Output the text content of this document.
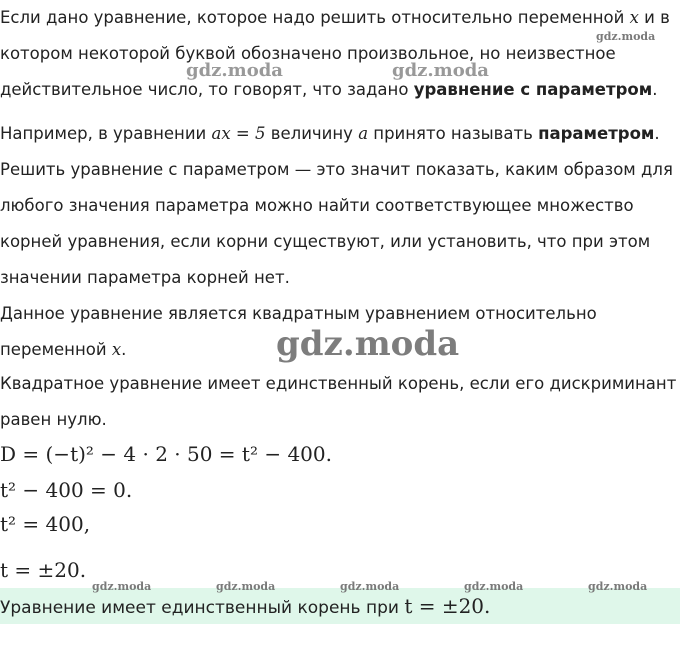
Если дано уравнение, которое надо решить относительно переменной x и в
котором некоторой буквой обозначено произвольное, но неизвестное
действительное число, то говорят, что задано уравнение с параметром.
Например, в уравнении ax = 5 величину a принято называть параметром.
Решить уравнение с параметром — это значит показать, каким образом для
любого значения параметра можно найти соответствующее множество
корней уравнения, если корни существуют, или установить, что при этом
значении параметра корней нет.
Данное уравнение является квадратным уравнением относительно
переменной x.
Квадратное уравнение имеет единственный корень, если его дискриминант
равен нулю.
D = (−t)² − 4 · 2 · 50 = t² − 400.
t² − 400 = 0.
t² = 400,
t = ±20.
Уравнение имеет единственный корень при t = ±20.
gdz.moda
gdz.moda	gdz.moda
gdz.moda
gdz.moda	gdz.moda	gdz.moda	gdz.moda	gdz.moda
